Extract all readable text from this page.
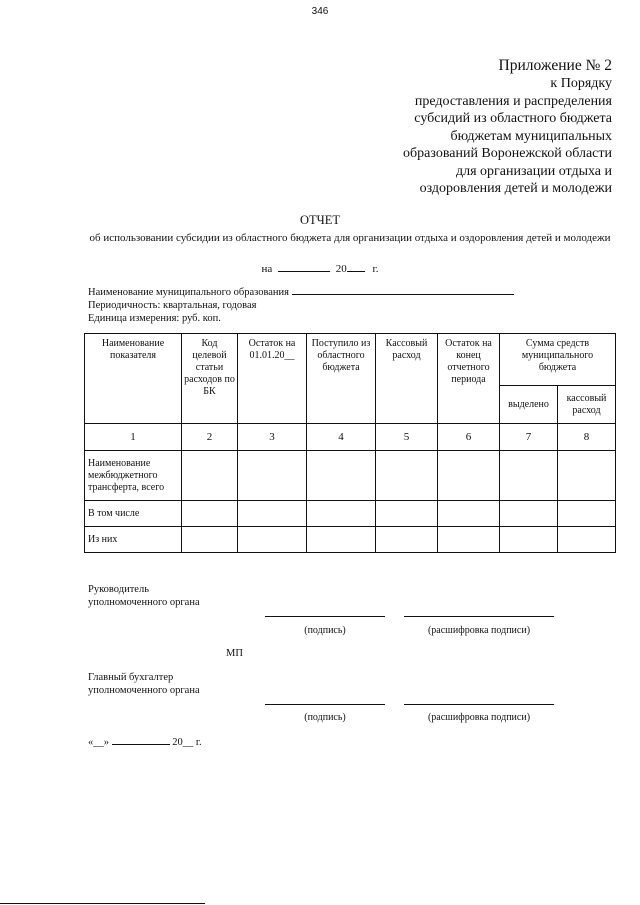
346
Приложение № 2
к Порядку
предоставления и распределения
субсидий из областного бюджета
бюджетам муниципальных
образований Воронежской области
для организации отдыха и
оздоровления детей и молодежи
ОТЧЕТ
об использовании субсидии из областного бюджета для организации отдыха и оздоровления детей и молодежи
на	20 г.
Наименование муниципального образования
Периодичность: квартальная, годовая
Единица измерения: руб. коп.
Наименование показателя	Код целевой статьи расходов по БК	Остаток на 01.01.20__	Поступило из областного бюджета	Кассовый расход	Остаток на конец отчетного периода	Сумма средств муниципального бюджета	
						выделено	кассовый расход
1	2	3	4	5	6	7	8
Наименование межбюджетного трансферта, всего							
В том числе							
Из них							
Руководитель
уполномоченного органа
(подпись)	(расшифровка подписи)
МП
Главный бухгалтер
уполномоченного органа
(подпись)	(расшифровка подписи)
«__»	20__ г.
